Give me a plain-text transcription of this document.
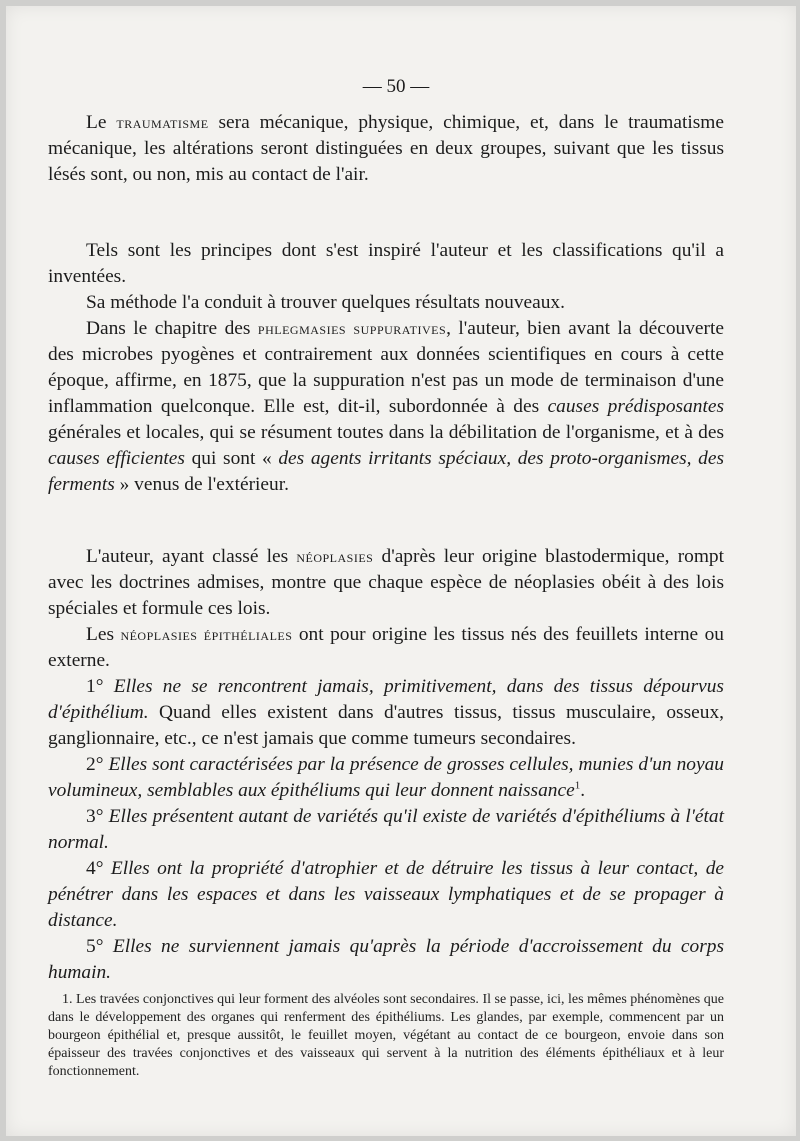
— 50 —

Le traumatisme sera mécanique, physique, chimique, et, dans le traumatisme mécanique, les altérations seront distinguées en deux groupes, suivant que les tissus lésés sont, ou non, mis au contact de l'air.

Tels sont les principes dont s'est inspiré l'auteur et les classifications qu'il a inventées.

Sa méthode l'a conduit à trouver quelques résultats nouveaux.

Dans le chapitre des phlegmasies suppuratives, l'auteur, bien avant la découverte des microbes pyogènes et contrairement aux données scientifiques en cours à cette époque, affirme, en 1875, que la suppuration n'est pas un mode de terminaison d'une inflammation quelconque. Elle est, dit-il, subordonnée à des causes prédisposantes générales et locales, qui se résument toutes dans la débilitation de l'organisme, et à des causes efficientes qui sont « des agents irritants spéciaux, des proto-organismes, des ferments » venus de l'extérieur.

L'auteur, ayant classé les néoplasies d'après leur origine blastodermique, rompt avec les doctrines admises, montre que chaque espèce de néoplasies obéit à des lois spéciales et formule ces lois.

Les néoplasies épithéliales ont pour origine les tissus nés des feuillets interne ou externe.

1° Elles ne se rencontrent jamais, primitivement, dans des tissus dépourvus d'épithélium. Quand elles existent dans d'autres tissus, tissus musculaire, osseux, ganglionnaire, etc., ce n'est jamais que comme tumeurs secondaires.

2° Elles sont caractérisées par la présence de grosses cellules, munies d'un noyau volumineux, semblables aux épithéliums qui leur donnent naissance$^1$.

3° Elles présentent autant de variétés qu'il existe de variétés d'épithéliums à l'état normal.

4° Elles ont la propriété d'atrophier et de détruire les tissus à leur contact, de pénétrer dans les espaces et dans les vaisseaux lymphatiques et de se propager à distance.

5° Elles ne surviennent jamais qu'après la période d'accroissement du corps humain.

1. Les travées conjonctives qui leur forment des alvéoles sont secondaires. Il se passe, ici, les mêmes phénomènes que dans le développement des organes qui renferment des épithéliums. Les glandes, par exemple, commencent par un bourgeon épithélial et, presque aussitôt, le feuillet moyen, végétant au contact de ce bourgeon, envoie dans son épaisseur des travées conjonctives et des vaisseaux qui servent à la nutrition des éléments épithéliaux et à leur fonctionnement.
